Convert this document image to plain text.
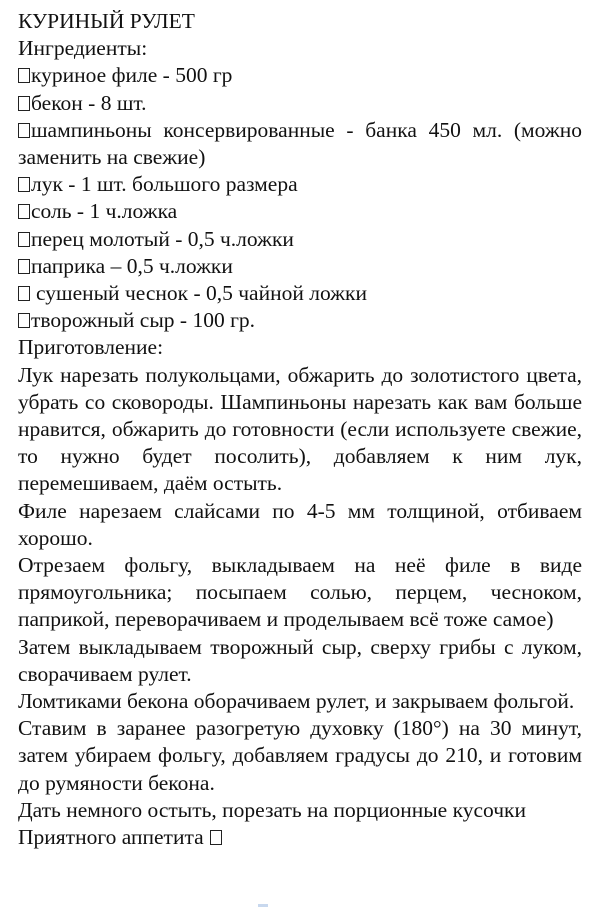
КУРИНЫЙ РУЛЕТ

Ингредиенты:

куриное филе - 500 гр

бекон - 8 шт.

шампиньоны консервированные - банка 450 мл. (можно заменить на свежие)

лук - 1 шт. большого размера

соль - 1 ч.ложка

перец молотый - 0,5 ч.ложки

паприка – 0,5 ч.ложки

сушеный чеснок - 0,5 чайной ложки

творожный сыр - 100 гр.

Приготовление:

Лук нарезать полукольцами, обжарить до золотистого цвета, убрать со сковороды. Шампиньоны нарезать как вам больше нравится, обжарить до готовности (если используете свежие, то нужно будет посолить), добавляем к ним лук, перемешиваем, даём остыть.

Филе нарезаем слайсами по 4-5 мм толщиной, отбиваем хорошо.

Отрезаем фольгу, выкладываем на неё филе в виде прямоугольника; посыпаем солью, перцем, чесноком, паприкой, переворачиваем и проделываем всё тоже самое)

Затем выкладываем творожный сыр, сверху грибы с луком, сворачиваем рулет.

Ломтиками бекона оборачиваем рулет, и закрываем фольгой.

Ставим в заранее разогретую духовку (180°) на 30 минут, затем убираем фольгу, добавляем градусы до 210, и готовим до румяности бекона.

Дать немного остыть, порезать на порционные кусочки

Приятного аппетита
